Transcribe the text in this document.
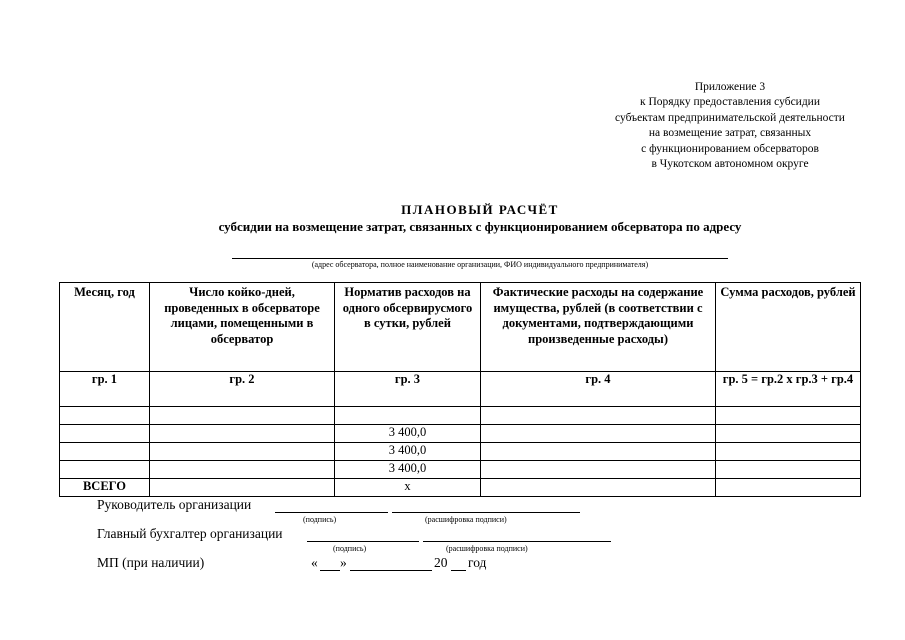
Приложение 3
к Порядку предоставления субсидии
субъектам предпринимательской деятельности
на возмещение затрат, связанных
с функционированием обсерваторов
в Чукотском автономном округе
ПЛАНОВЫЙ РАСЧЁТ
субсидии на возмещение затрат, связанных с функционированием обсерватора по адресу
(адрес обсерватора, полное наименование организации, ФИО индивидуального предпринимателя)
Месяц, год	Число койко-дней, проведенных в обсерваторе лицами, помещенными в обсерватор	Норматив расходов на одного обсервирусмого в сутки, рублей	Фактические расходы на содержание имущества, рублей (в соответствии с документами, подтверждающими произведенные расходы)	Сумма расходов, рублей
гр. 1	гр. 2	гр. 3	гр. 4	гр. 5 = гр.2 х гр.3 + гр.4

		3 400,0		
		3 400,0		
		3 400,0		
ВСЕГО		х		
Руководитель организации
(подпись)	(расшифровка подписи)
Главный бухгалтер организации
(подпись)	(расшифровка подписи)
МП (при наличии)	« »	20 год
